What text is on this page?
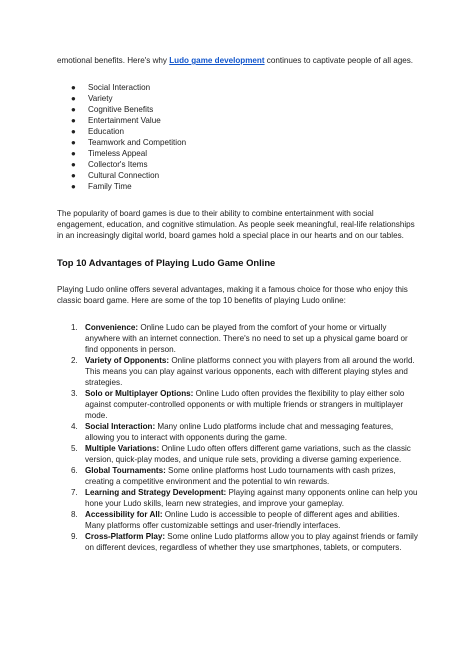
emotional benefits. Here's why Ludo game development continues to captivate people of all ages.

● Social Interaction
● Variety
● Cognitive Benefits
● Entertainment Value
● Education
● Teamwork and Competition
● Timeless Appeal
● Collector's Items
● Cultural Connection
● Family Time

The popularity of board games is due to their ability to combine entertainment with social engagement, education, and cognitive stimulation. As people seek meaningful, real-life relationships in an increasingly digital world, board games hold a special place in our hearts and on our tables.

Top 10 Advantages of Playing Ludo Game Online

Playing Ludo online offers several advantages, making it a famous choice for those who enjoy this classic board game. Here are some of the top 10 benefits of playing Ludo online:

1. Convenience: Online Ludo can be played from the comfort of your home or virtually anywhere with an internet connection. There's no need to set up a physical game board or find opponents in person.
2. Variety of Opponents: Online platforms connect you with players from all around the world. This means you can play against various opponents, each with different playing styles and strategies.
3. Solo or Multiplayer Options: Online Ludo often provides the flexibility to play either solo against computer-controlled opponents or with multiple friends or strangers in multiplayer mode.
4. Social Interaction: Many online Ludo platforms include chat and messaging features, allowing you to interact with opponents during the game.
5. Multiple Variations: Online Ludo often offers different game variations, such as the classic version, quick-play modes, and unique rule sets, providing a diverse gaming experience.
6. Global Tournaments: Some online platforms host Ludo tournaments with cash prizes, creating a competitive environment and the potential to win rewards.
7. Learning and Strategy Development: Playing against many opponents online can help you hone your Ludo skills, learn new strategies, and improve your gameplay.
8. Accessibility for All: Online Ludo is accessible to people of different ages and abilities. Many platforms offer customizable settings and user-friendly interfaces.
9. Cross-Platform Play: Some online Ludo platforms allow you to play against friends or family on different devices, regardless of whether they use smartphones, tablets, or computers.
